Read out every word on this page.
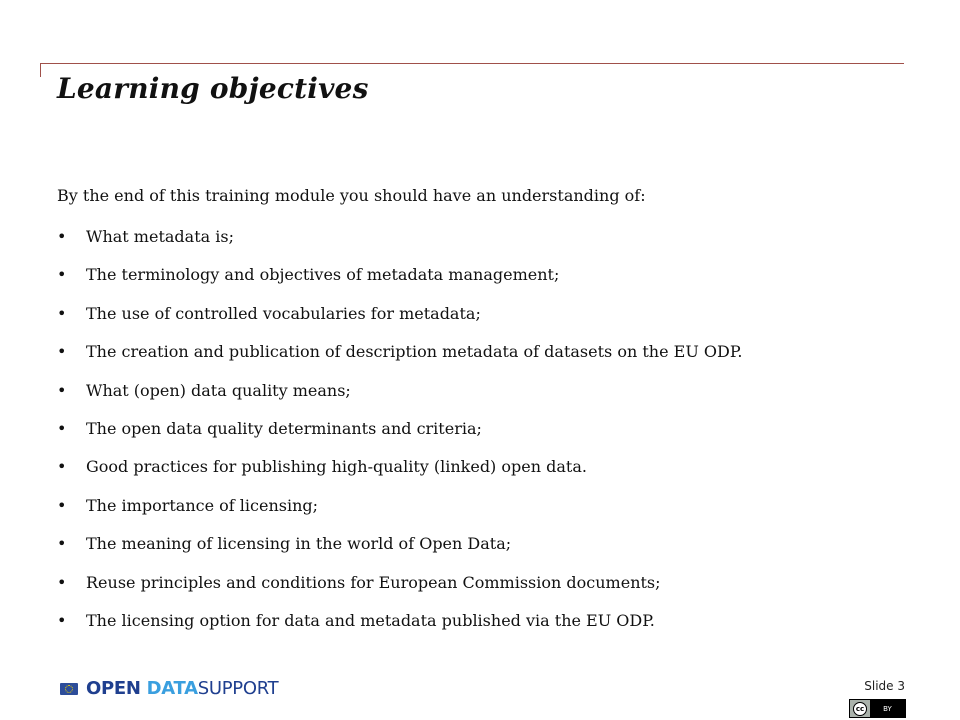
Learning objectives

By the end of this training module you should have an understanding of:

• What metadata is;
• The terminology and objectives of metadata management;
• The use of controlled vocabularies for metadata;
• The creation and publication of description metadata of datasets on the EU ODP.
• What (open) data quality means;
• The open data quality determinants and criteria;
• Good practices for publishing high-quality (linked) open data.
• The importance of licensing;
• The meaning of licensing in the world of Open Data;
• Reuse principles and conditions for European Commission documents;
• The licensing option for data and metadata published via the EU ODP.
OPEN DATASUPPORT	Slide 3
cc	BY
